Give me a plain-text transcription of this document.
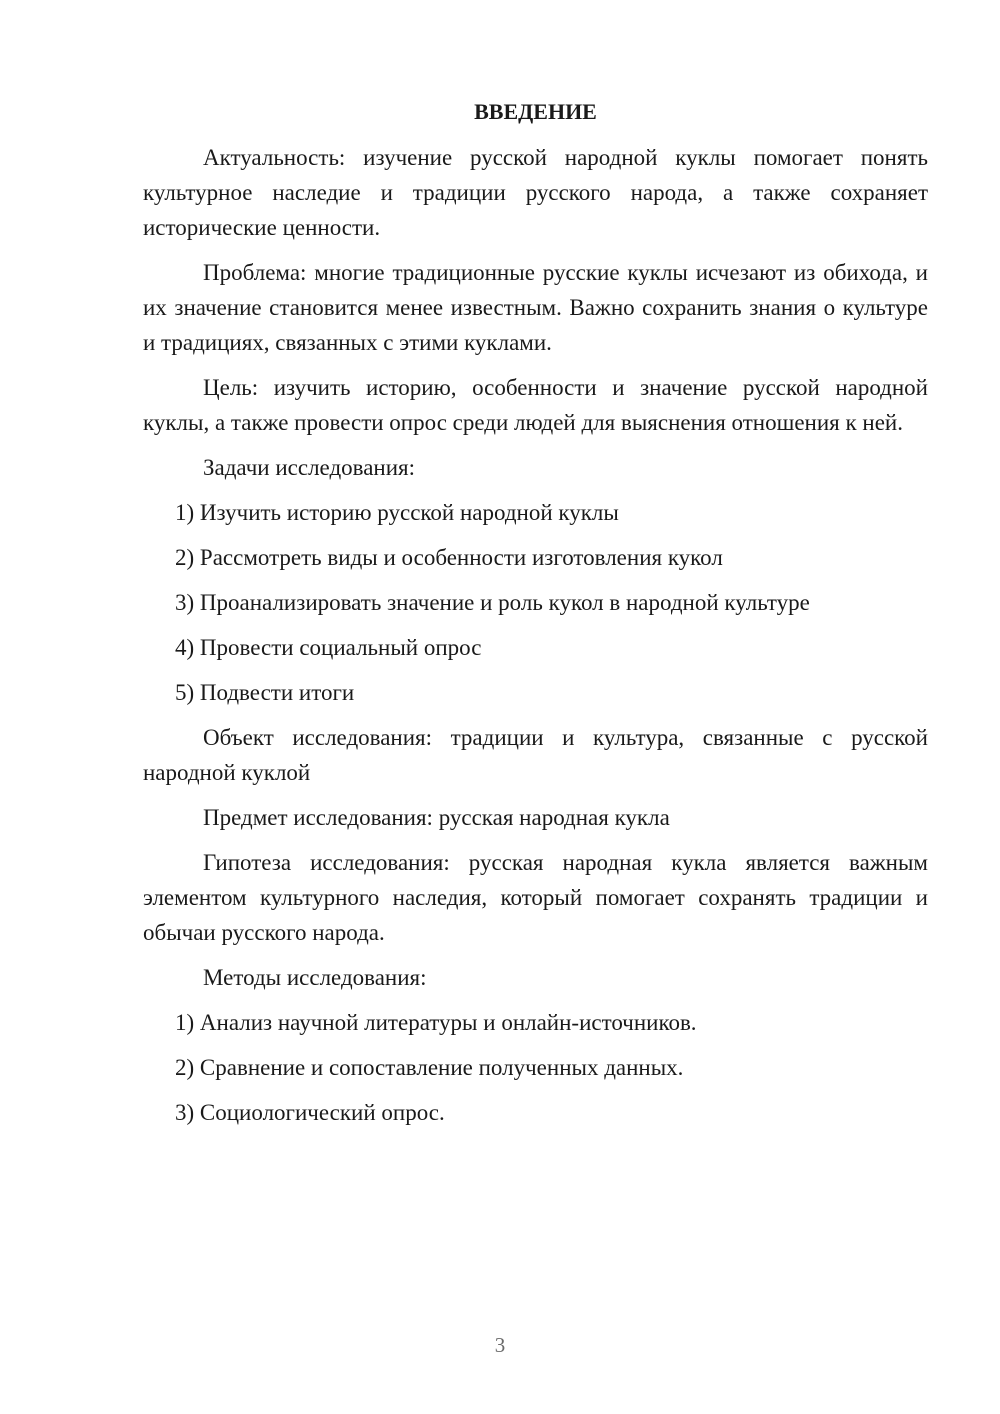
ВВЕДЕНИЕ

Актуальность: изучение русской народной куклы помогает понять культурное наследие и традиции русского народа, а также сохраняет исторические ценности.

Проблема: многие традиционные русские куклы исчезают из обихода, и их значение становится менее известным. Важно сохранить знания о культуре и традициях, связанных с этими куклами.

Цель: изучить историю, особенности и значение русской народной куклы, а также провести опрос среди людей для выяснения отношения к ней.

Задачи исследования:

1) Изучить историю русской народной куклы
2) Рассмотреть виды и особенности изготовления кукол
3) Проанализировать значение и роль кукол в народной культуре
4) Провести социальный опрос
5) Подвести итоги

Объект исследования: традиции и культура, связанные с русской народной куклой

Предмет исследования: русская народная кукла

Гипотеза исследования: русская народная кукла является важным элементом культурного наследия, который помогает сохранять традиции и обычаи русского народа.

Методы исследования:

1) Анализ научной литературы и онлайн-источников.
2) Сравнение и сопоставление полученных данных.
3) Социологический опрос.
3
